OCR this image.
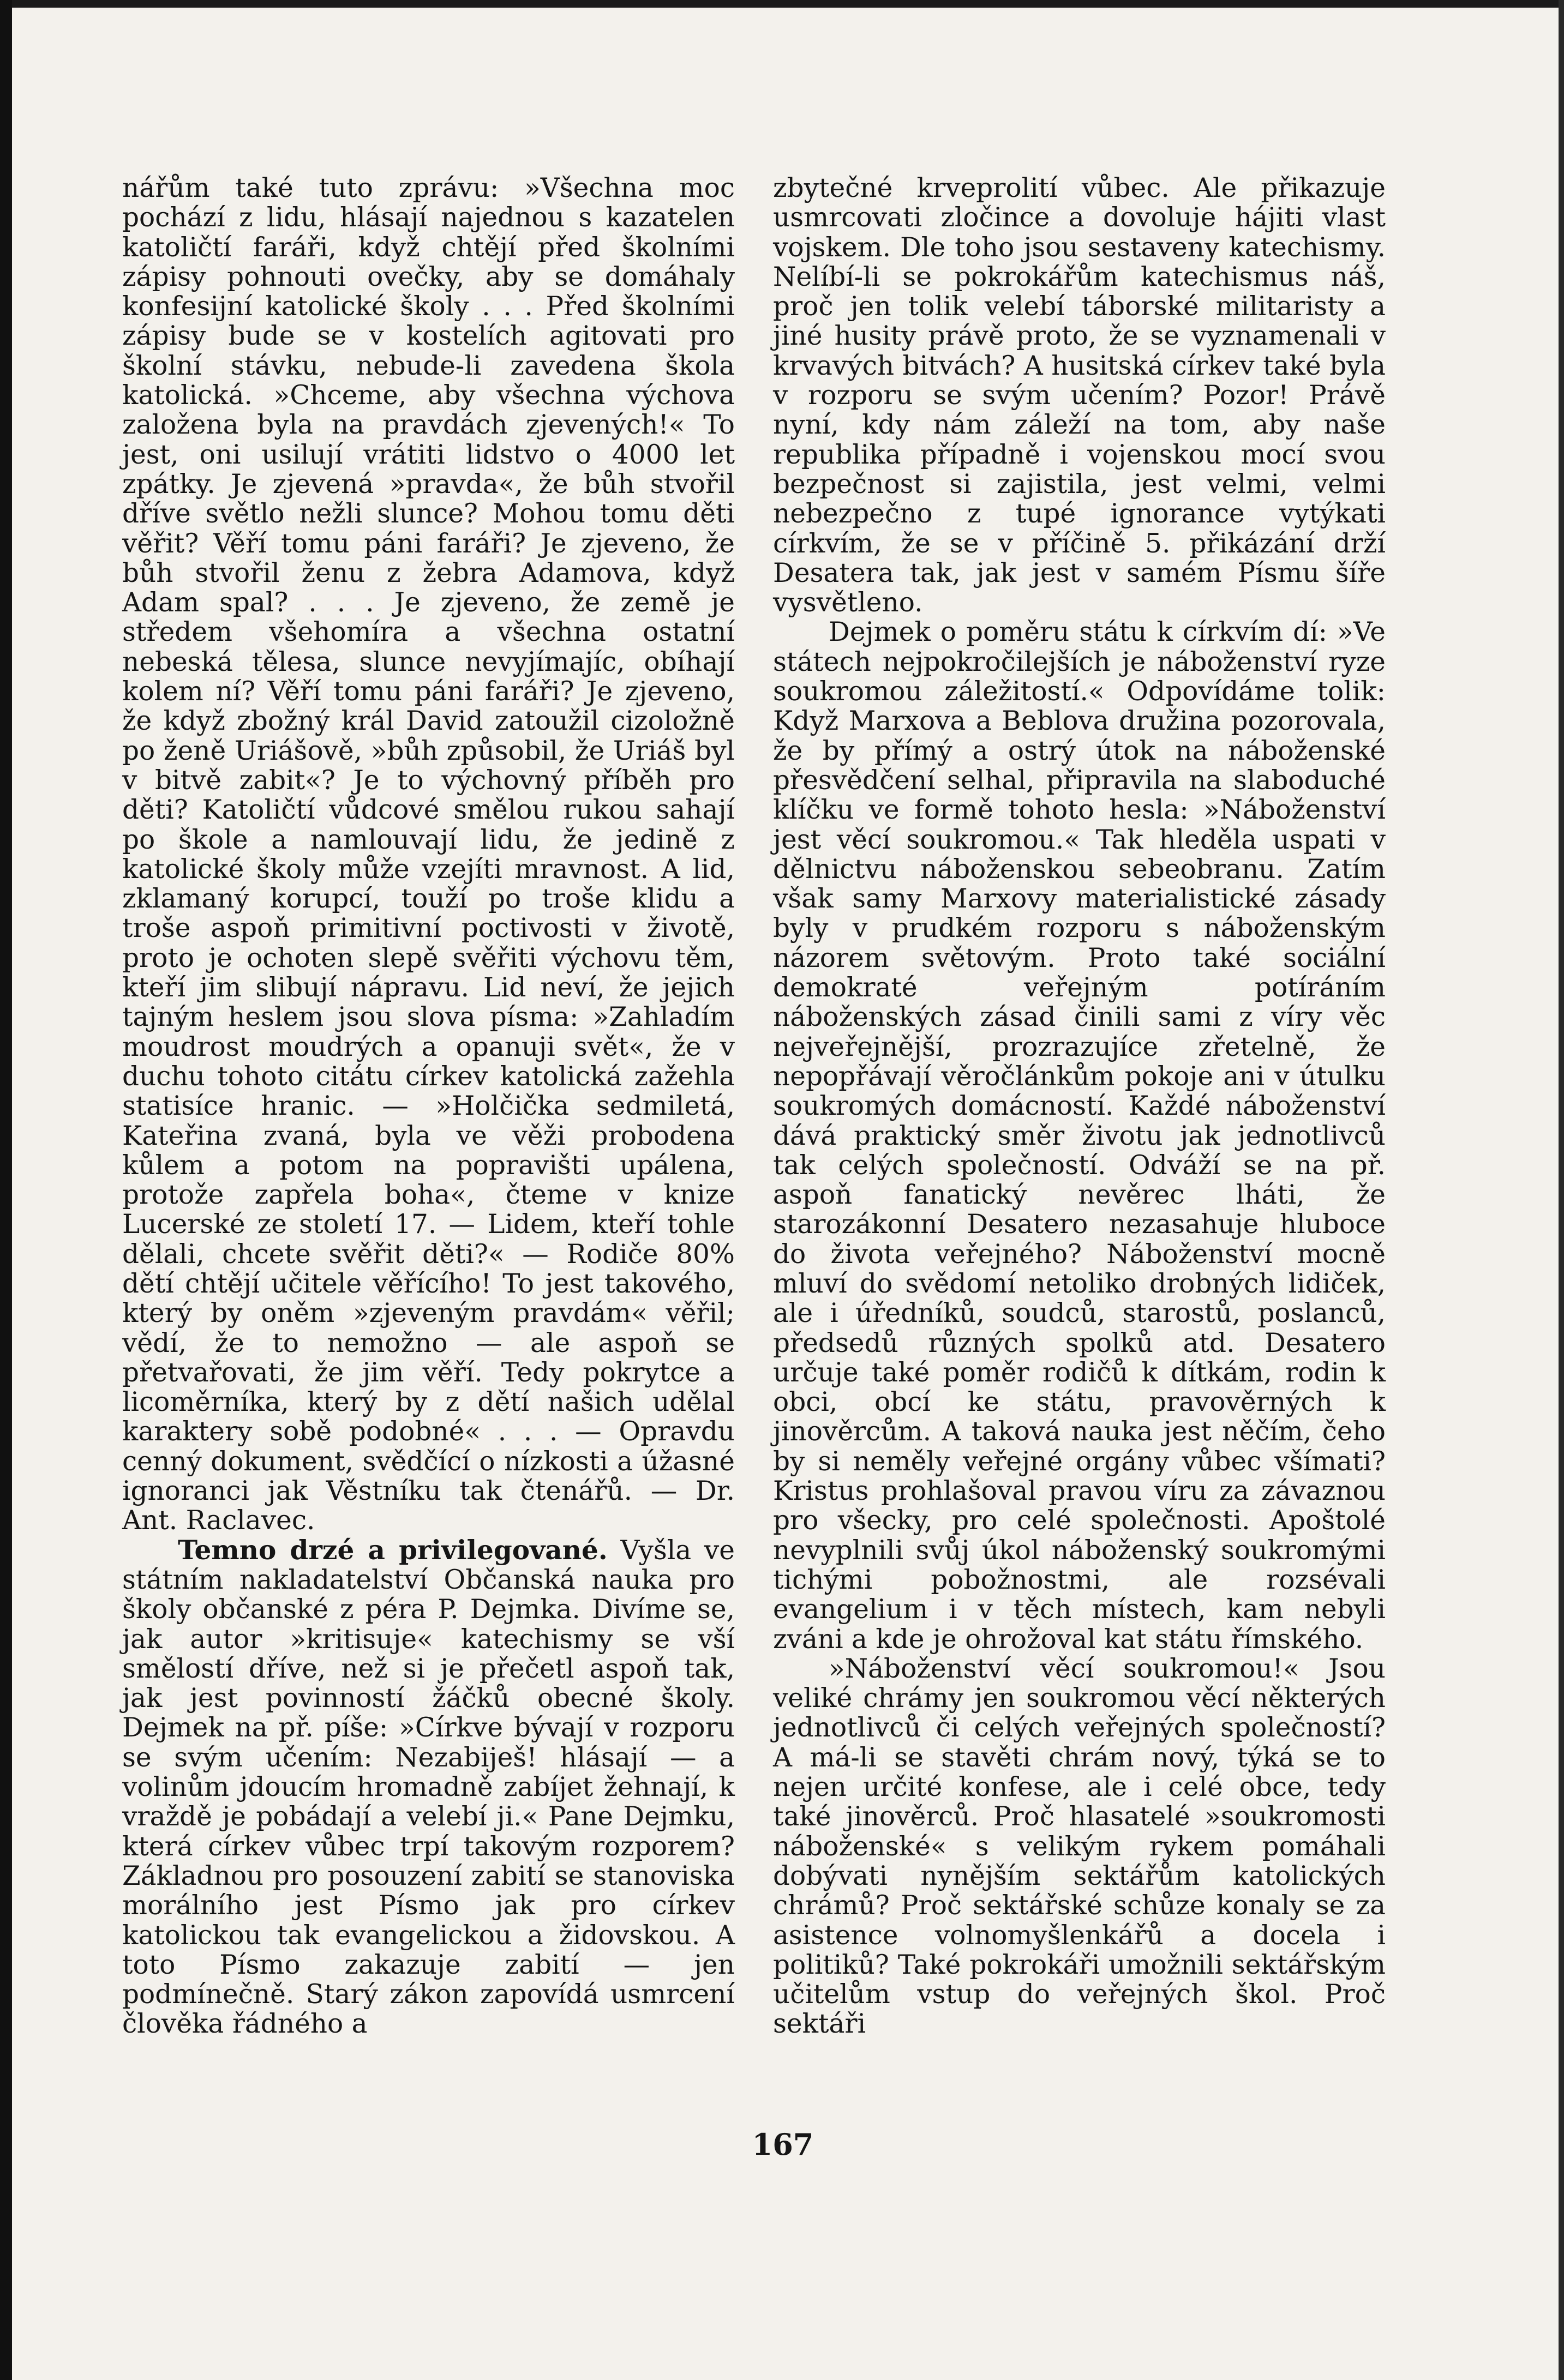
nářům také tuto zprávu: »Všechna moc pochází z lidu, hlásají najednou s kazatelen katoličtí faráři, když chtějí před školními zápisy pohnouti ovečky, aby se domáhaly konfesijní katolické školy . . . Před školními zápisy bude se v kostelích agitovati pro školní stávku, nebude-li zavedena škola katolická. »Chceme, aby všechna výchova založena byla na pravdách zjevených!« To jest, oni usilují vrátiti lidstvo o 4000 let zpátky. Je zjevená »pravda«, že bůh stvořil dříve světlo nežli slunce? Mohou tomu děti věřit? Věří tomu páni faráři? Je zjeveno, že bůh stvořil ženu z žebra Adamova, když Adam spal? . . . Je zjeveno, že země je středem všehomíra a všechna ostatní nebeská tělesa, slunce nevyjímajíc, obíhají kolem ní? Věří tomu páni faráři? Je zjeveno, že když zbožný král David zatoužil cizoložně po ženě Uriášově, »bůh způsobil, že Uriáš byl v bitvě zabit«? Je to výchovný příběh pro děti? Katoličtí vůdcové smělou rukou sahají po škole a namlouvají lidu, že jedině z katolické školy může vzejíti mravnost. A lid, zklamaný korupcí, touží po troše klidu a troše aspoň primitivní poctivosti v životě, proto je ochoten slepě svěřiti výchovu těm, kteří jim slibují nápravu. Lid neví, že jejich tajným heslem jsou slova písma: »Zahladím moudrost moudrých a opanuji svět«, že v duchu tohoto citátu církev katolická zažehla statisíce hranic. — »Holčička sedmiletá, Kateřina zvaná, byla ve věži probodena kůlem a potom na popravišti upálena, protože zapřela boha«, čteme v knize Lucerské ze století 17. — Lidem, kteří tohle dělali, chcete svěřit děti?« — Rodiče 80% dětí chtějí učitele věřícího! To jest takového, který by oněm »zjeveným pravdám« věřil; vědí, že to nemožno — ale aspoň se přetvařovati, že jim věří. Tedy pokrytce a licoměrníka, který by z dětí našich udělal karaktery sobě podobné« . . . — Opravdu cenný dokument, svědčící o nízkosti a úžasné ignoranci jak Věstníku tak čtenářů. — Dr. Ant. Raclavec.

Temno drzé a privilegované. Vyšla ve státním nakladatelství Občanská nauka pro školy občanské z péra P. Dejmka. Divíme se, jak autor »kritisuje« katechismy se vší smělostí dříve, než si je přečetl aspoň tak, jak jest povinností žáčků obecné školy. Dejmek na př. píše: »Církve bývají v rozporu se svým učením: Nezabiješ! hlásají — a volinům jdoucím hromadně zabíjet žehnají, k vraždě je pobádají a velebí ji.« Pane Dejmku, která církev vůbec trpí takovým rozporem? Základnou pro posouzení zabití se stanoviska morálního jest Písmo jak pro církev katolickou tak evangelickou a židovskou. A toto Písmo zakazuje zabití — jen podmínečně. Starý zákon zapovídá usmrcení člověka řádného a

zbytečné krveprolití vůbec. Ale přikazuje usmrcovati zločince a dovoluje hájiti vlast vojskem. Dle toho jsou sestaveny katechismy. Nelíbí-li se pokrokářům katechismus náš, proč jen tolik velebí táborské militaristy a jiné husity právě proto, že se vyznamenali v krvavých bitvách? A husitská církev také byla v rozporu se svým učením? Pozor! Právě nyní, kdy nám záleží na tom, aby naše republika případně i vojenskou mocí svou bezpečnost si zajistila, jest velmi, velmi nebezpečno z tupé ignorance vytýkati církvím, že se v příčině 5. přikázání drží Desatera tak, jak jest v samém Písmu šíře vysvětleno.

Dejmek o poměru státu k církvím dí: »Ve státech nejpokročilejších je náboženství ryze soukromou záležitostí.« Odpovídáme tolik: Když Marxova a Beblova družina pozorovala, že by přímý a ostrý útok na náboženské přesvědčení selhal, připravila na slaboduché klíčku ve formě tohoto hesla: »Náboženství jest věcí soukromou.« Tak hleděla uspati v dělnictvu náboženskou sebeobranu. Zatím však samy Marxovy materialistické zásady byly v prudkém rozporu s náboženským názorem světovým. Proto také sociální demokraté veřejným potíráním náboženských zásad činili sami z víry věc nejveřejnější, prozrazujíce zřetelně, že nepopřávají věročlánkům pokoje ani v útulku soukromých domácností. Každé náboženství dává praktický směr životu jak jednotlivců tak celých společností. Odváží se na př. aspoň fanatický nevěrec lháti, že starozákonní Desatero nezasahuje hluboce do života veřejného? Náboženství mocně mluví do svědomí netoliko drobných lidiček, ale i úředníků, soudců, starostů, poslanců, předsedů různých spolků atd. Desatero určuje také poměr rodičů k dítkám, rodin k obci, obcí ke státu, pravověrných k jinověrcům. A taková nauka jest něčím, čeho by si neměly veřejné orgány vůbec všímati? Kristus prohlašoval pravou víru za závaznou pro všecky, pro celé společnosti. Apoštolé nevyplnili svůj úkol náboženský soukromými tichými pobožnostmi, ale rozsévali evangelium i v těch místech, kam nebyli zváni a kde je ohrožoval kat státu římského.

»Náboženství věcí soukromou!« Jsou veliké chrámy jen soukromou věcí některých jednotlivců či celých veřejných společností? A má-li se stavěti chrám nový, týká se to nejen určité konfese, ale i celé obce, tedy také jinověrců. Proč hlasatelé »soukromosti náboženské« s velikým rykem pomáhali dobývati nynějším sektářům katolických chrámů? Proč sektářské schůze konaly se za asistence volnomyšlenkářů a docela i politiků? Také pokrokáři umožnili sektářským učitelům vstup do veřejných škol. Proč sektáři

167
